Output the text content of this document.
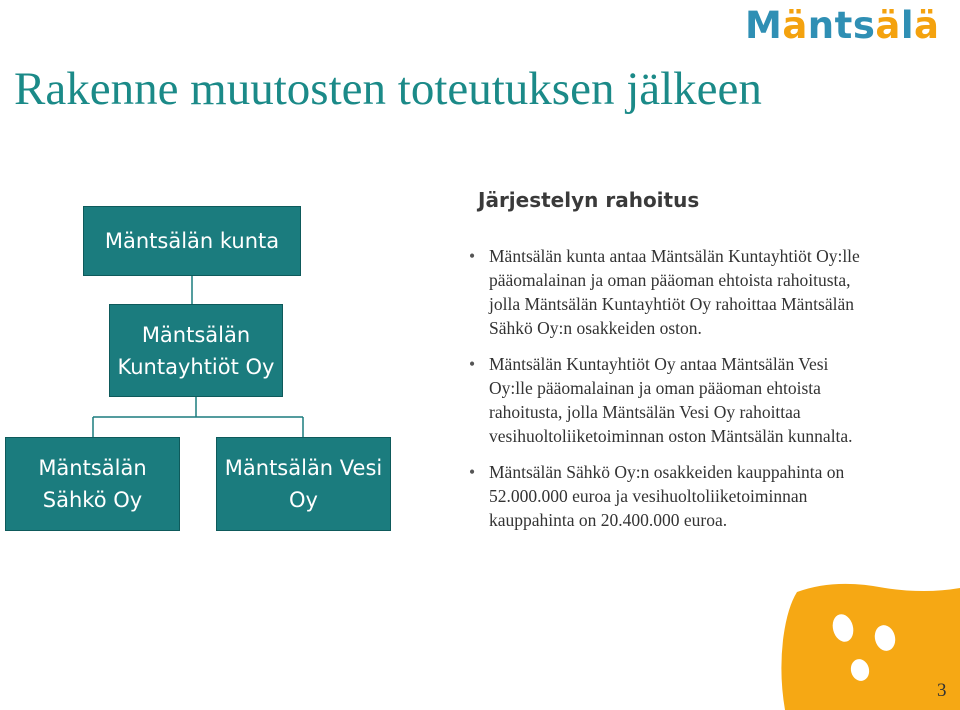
Mäntsälä
Rakenne muutosten toteutuksen jälkeen
Mäntsälän kunta
Mäntsälän
Kuntayhtiöt Oy
Mäntsälän
Sähkö Oy
Mäntsälän Vesi
Oy
Järjestelyn rahoitus
• Mäntsälän kunta antaa Mäntsälän Kuntayhtiöt Oy:lle
pääomalainan ja oman pääoman ehtoista rahoitusta,
jolla Mäntsälän Kuntayhtiöt Oy rahoittaa Mäntsälän
Sähkö Oy:n osakkeiden oston.
• Mäntsälän Kuntayhtiöt Oy antaa Mäntsälän Vesi
Oy:lle pääomalainan ja oman pääoman ehtoista
rahoitusta, jolla Mäntsälän Vesi Oy rahoittaa
vesihuoltoliiketoiminnan oston Mäntsälän kunnalta.
• Mäntsälän Sähkö Oy:n osakkeiden kauppahinta on
52.000.000 euroa ja vesihuoltoliiketoiminnan
kauppahinta on 20.400.000 euroa.
3
